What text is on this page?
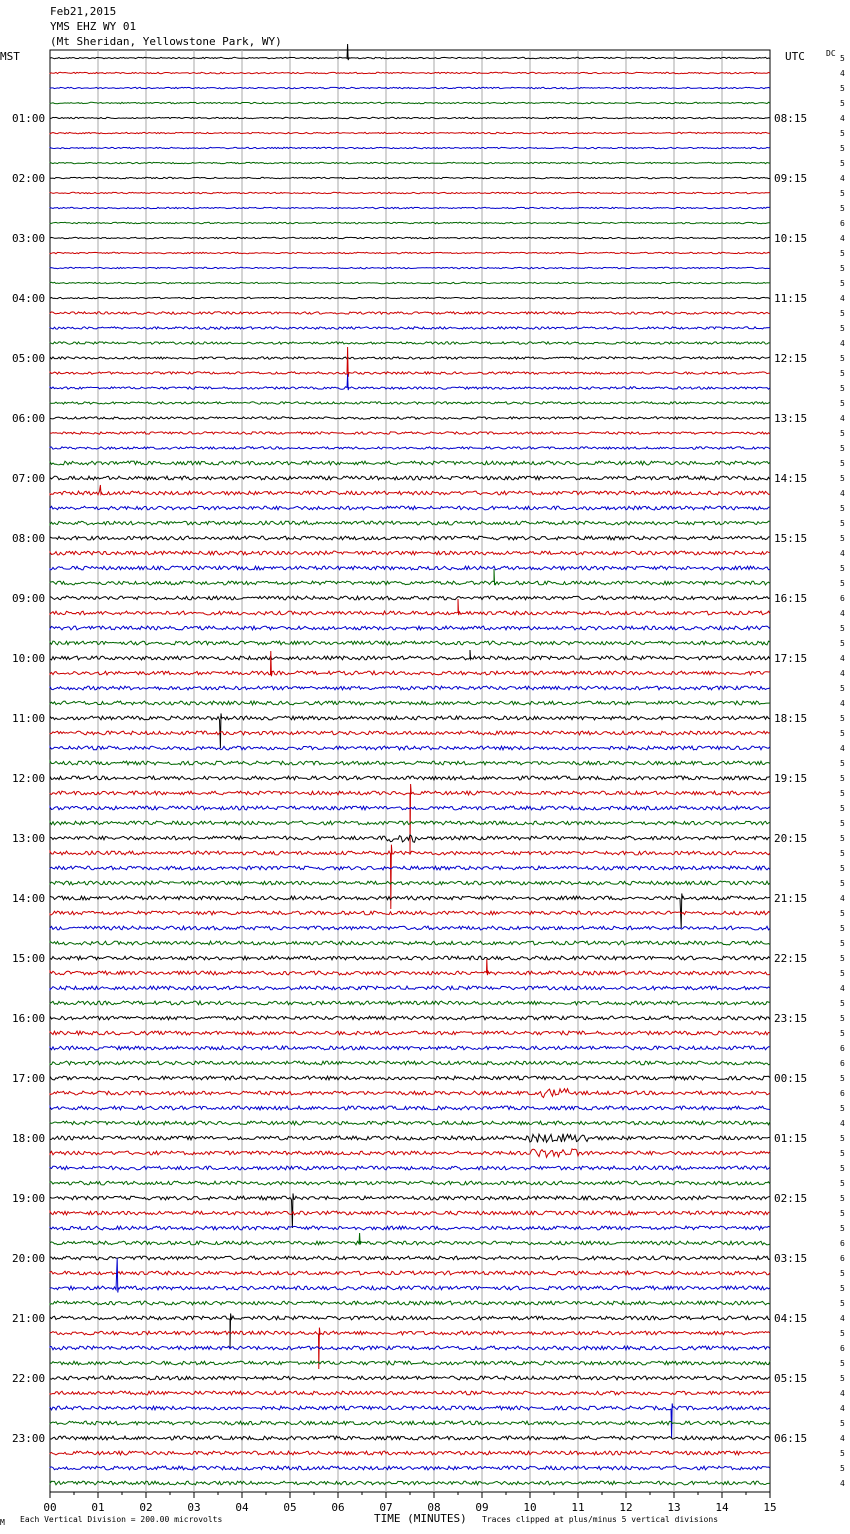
Feb21,2015
YMS EHZ WY 01
(Mt Sheridan, Yellowstone Park, WY)
MST	UTC	DC
01:00
02:00
03:00
04:00
05:00
06:00
07:00
08:00
09:00
10:00
11:00
12:00
13:00
14:00
15:00
16:00
17:00
18:00
19:00
20:00
21:00
22:00
23:00
08:15
09:15
10:15
11:15
12:15
13:15
14:15
15:15
16:15
17:15
18:15
19:15
20:15
21:15
22:15
23:15
00:15
01:15
02:15
03:15
04:15
05:15
06:15
5
4
5
5
4
5
5
5
4
5
5
6
4
5
5
5
4
5
5
4
5
5
5
5
4
5
5
5
5
4
5
5
5
4
5
5
6
4
5
5
4
4
5
4
5
5
4
5
5
5
5
5
5
5
5
5
4
5
5
5
5
5
4
5
5
5
6
6
5
6
5
4
5
5
5
5
5
5
5
6
6
5
5
5
4
5
6
5
5
4
4
5
4
5
5
4
00	01	02	03	04	05	06	07	08	09	10	11	12	13	14	15
M Each Vertical Division = 200.00 microvolts	TIME (MINUTES) Traces clipped at plus/minus 5 vertical divisions
